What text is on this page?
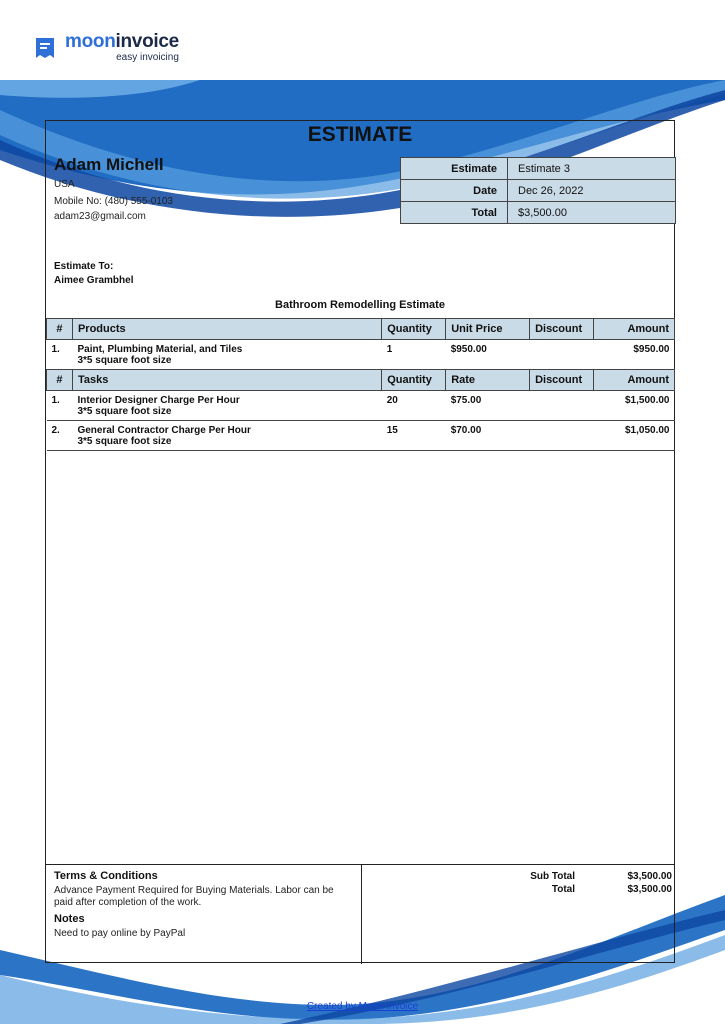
mooninvoice
easy invoicing
ESTIMATE
Adam Michell
USA
Mobile No: (480) 555-0103
adam23@gmail.com
Estimate	Estimate 3
Date	Dec 26, 2022
Total	$3,500.00
Estimate To:
Aimee Grambhel
Bathroom Remodelling Estimate
#	Products	Quantity	Unit Price	Discount	Amount
1.	Paint, Plumbing Material, and Tiles
3*5 square foot size	1	$950.00		$950.00
#	Tasks	Quantity	Rate	Discount	Amount
1.	Interior Designer Charge Per Hour
3*5 square foot size	20	$75.00		$1,500.00
2.	General Contractor Charge Per Hour
3*5 square foot size	15	$70.00		$1,050.00
Terms & Conditions
Advance Payment Required for Buying Materials. Labor can be paid after completion of the work.
Notes
Need to pay online by PayPal
Sub Total	$3,500.00
Total	$3,500.00
Created by Moon Invoice
